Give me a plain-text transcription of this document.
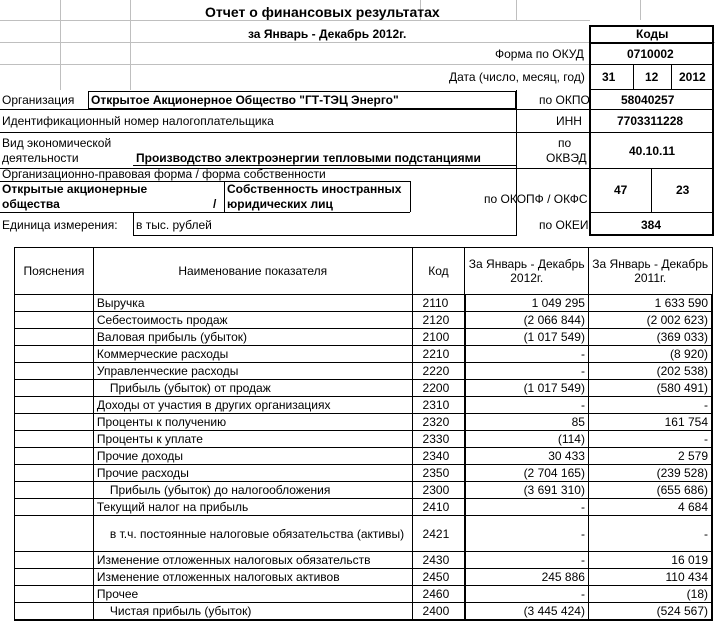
Отчет о финансовых результатах
за Январь - Декабрь 2012г.	Коды
Форма по ОКУД	0710002
Дата (число, месяц, год) 31 12 2012
Организация Открытое Акционерное Общество "ГТ-ТЭЦ Энерго"	по ОКПО	58040257
Идентификационный номер налогоплательщика	ИНН	7703311228
Вид экономической
деятельности	Производство электроэнергии тепловыми подстанциями
по
ОКВЭД	40.10.11
Организационно-правовая форма / форма собственности
Открытые акционерные
общества	/
Собственность иностранных
юридических лиц	по ОКОПФ / ОКФС
47	23
Единица измерения: в тыс. рублей	по ОКЕИ	384
Пояснения	Наименование показателя	Код	За Январь - Декабрь 2012г.	За Январь - Декабрь 2011г.
	Выручка	2110	1 049 295	1 633 590
	Себестоимость продаж	2120	(2 066 844)	(2 002 623)
	Валовая прибыль (убыток)	2100	(1 017 549)	(369 033)
	Коммерческие расходы	2210	-	(8 920)
	Управленческие расходы	2220	-	(202 538)
	Прибыль (убыток) от продаж	2200	(1 017 549)	(580 491)
	Доходы от участия в других организациях	2310	-	-
	Проценты к получению	2320	85	161 754
	Проценты к уплате	2330	(114)	-
	Прочие доходы	2340	30 433	2 579
	Прочие расходы	2350	(2 704 165)	(239 528)
	Прибыль (убыток) до налогообложения	2300	(3 691 310)	(655 686)
	Текущий налог на прибыль	2410	-	4 684
	в т.ч. постоянные налоговые обязательства (активы)	2421	-	-
	Изменение отложенных налоговых обязательств	2430	-	16 019
	Изменение отложенных налоговых активов	2450	245 886	110 434
	Прочее	2460	-	(18)
	Чистая прибыль (убыток)	2400	(3 445 424)	(524 567)
